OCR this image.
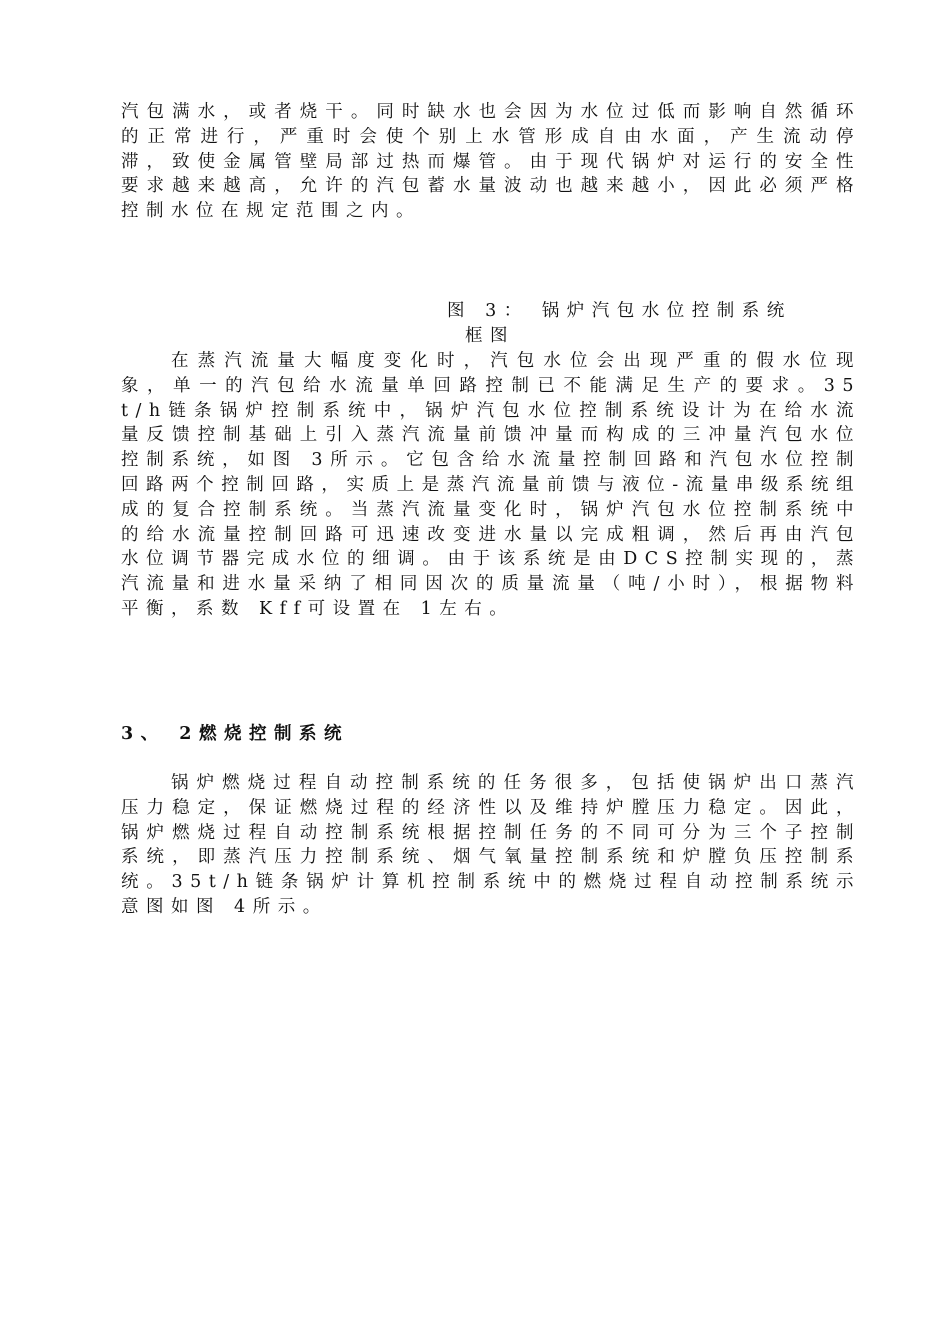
汽包满水，或者烧干。同时缺水也会因为水位过低而影响自然循环的正常进行，严重时会使个别上水管形成自由水面，产生流动停滞，致使金属管壁局部过热而爆管。由于现代锅炉对运行的安全性要求越来越高，允许的汽包蓄水量波动也越来越小，因此必须严格控制水位在规定范围之内。
图 3： 锅炉汽包水位控制系统
框图
在蒸汽流量大幅度变化时，汽包水位会出现严重的假水位现象，单一的汽包给水流量单回路控制已不能满足生产的要求。35t/h链条锅炉控制系统中，锅炉汽包水位控制系统设计为在给水流量反馈控制基础上引入蒸汽流量前馈冲量而构成的三冲量汽包水位控制系统，如图 3所示。它包含给水流量控制回路和汽包水位控制回路两个控制回路，实质上是蒸汽流量前馈与液位-流量串级系统组成的复合控制系统。当蒸汽流量变化时，锅炉汽包水位控制系统中的给水流量控制回路可迅速改变进水量以完成粗调，然后再由汽包水位调节器完成水位的细调。由于该系统是由DCS控制实现的，蒸汽流量和进水量采纳了相同因次的质量流量（吨/小时），根据物料平衡，系数 Kff可设置在 1左右。
3、 2燃烧控制系统
锅炉燃烧过程自动控制系统的任务很多，包括使锅炉出口蒸汽压力稳定，保证燃烧过程的经济性以及维持炉膛压力稳定。因此，锅炉燃烧过程自动控制系统根据控制任务的不同可分为三个子控制系统，即蒸汽压力控制系统、烟气氧量控制系统和炉膛负压控制系统。35t/h链条锅炉计算机控制系统中的燃烧过程自动控制系统示意图如图 4所示。
